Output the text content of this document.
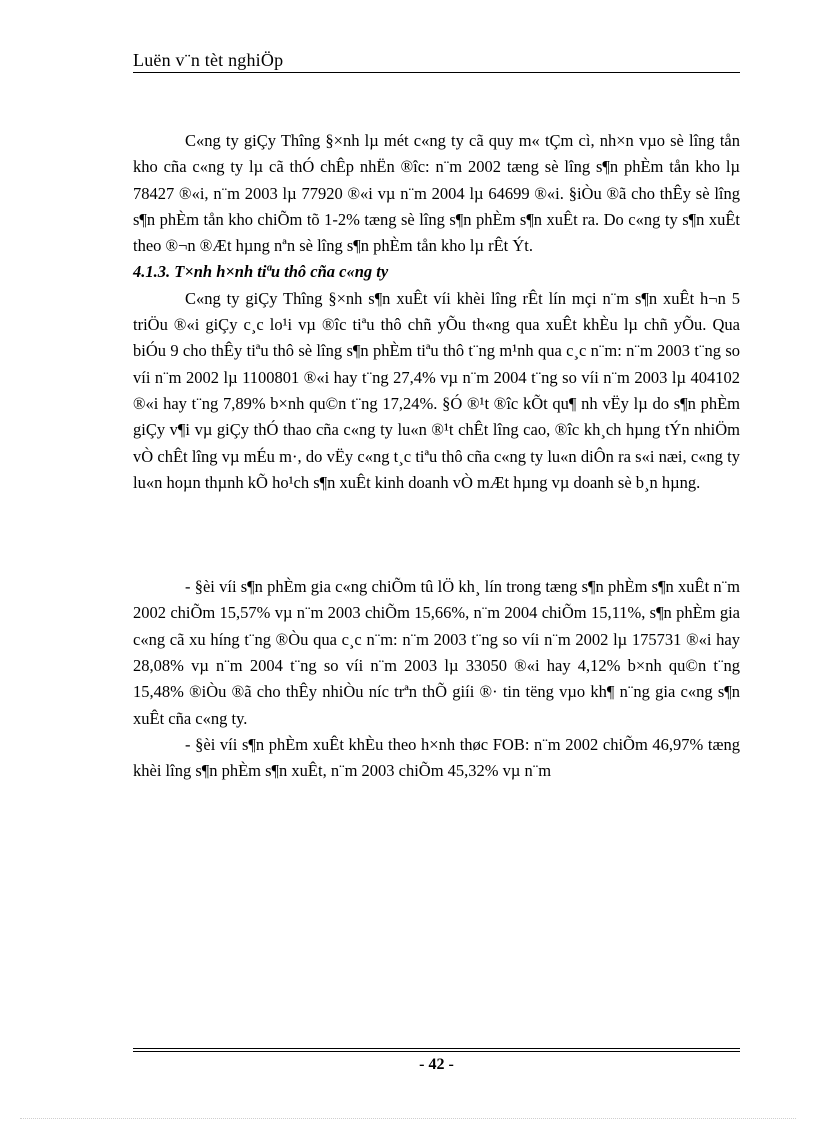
Luën v¨n tèt nghiÖp

C«ng ty giÇy Thîng §×nh lµ mét c«ng ty cã quy m« tÇm cì, nh×n vµo sè lîng tån kho cña c«ng ty lµ cã thÓ chÊp nhËn ®îc: n¨m 2002 tæng sè lîng s¶n phÈm tån kho lµ 78427 ®«i, n¨m 2003 lµ 77920 ®«i vµ n¨m 2004 lµ 64699 ®«i. §iÒu ®ã cho thÊy sè lîng s¶n phÈm tån kho chiÕm tõ 1-2% tæng sè lîng s¶n phÈm s¶n xuÊt ra. Do c«ng ty s¶n xuÊt theo ®¬n ®Æt hµng nªn sè lîng s¶n phÈm tån kho lµ rÊt Ýt.

4.1.3. T×nh h×nh tiªu thô cña c«ng ty

C«ng ty giÇy Thîng §×nh s¶n xuÊt víi khèi lîng rÊt lín mçi n¨m s¶n xuÊt h¬n 5 triÖu ®«i giÇy c¸c lo¹i vµ ®îc tiªu thô chñ yÕu th«ng qua xuÊt khÈu lµ chñ yÕu. Qua biÓu 9 cho thÊy tiªu thô sè lîng s¶n phÈm tiªu thô t¨ng m¹nh qua c¸c n¨m: n¨m 2003 t¨ng so víi n¨m 2002 lµ 1100801 ®«i hay t¨ng 27,4% vµ n¨m 2004 t¨ng so víi n¨m 2003 lµ 404102 ®«i hay t¨ng 7,89% b×nh qu©n t¨ng 17,24%. §Ó ®¹t ®îc kÕt qu¶ nh vËy lµ do s¶n phÈm giÇy v¶i vµ giÇy thÓ thao cña c«ng ty lu«n ®¹t chÊt lîng cao, ®îc kh¸ch hµng tÝn nhiÖm vÒ chÊt lîng vµ mÉu m·, do vËy c«ng t¸c tiªu thô cña c«ng ty lu«n diÔn ra s«i næi, c«ng ty lu«n hoµn thµnh kÕ ho¹ch s¶n xuÊt kinh doanh vÒ mÆt hµng vµ doanh sè b¸n hµng.

- §èi víi s¶n phÈm gia c«ng chiÕm tû lÖ kh¸ lín trong tæng s¶n phÈm s¶n xuÊt n¨m 2002 chiÕm 15,57% vµ n¨m 2003 chiÕm 15,66%, n¨m 2004 chiÕm 15,11%, s¶n phÈm gia c«ng cã xu híng t¨ng ®Òu qua c¸c n¨m: n¨m 2003 t¨ng so víi n¨m 2002 lµ 175731 ®«i hay 28,08% vµ n¨m 2004 t¨ng so víi n¨m 2003 lµ 33050 ®«i hay 4,12% b×nh qu©n t¨ng 15,48% ®iÒu ®ã cho thÊy nhiÒu níc trªn thÕ giíi ®· tin tëng vµo kh¶ n¨ng gia c«ng s¶n xuÊt cña c«ng ty.

- §èi víi s¶n phÈm xuÊt khÈu theo h×nh thøc FOB: n¨m 2002 chiÕm 46,97% tæng khèi lîng s¶n phÈm s¶n xuÊt, n¨m 2003 chiÕm 45,32% vµ n¨m

- 42 -
